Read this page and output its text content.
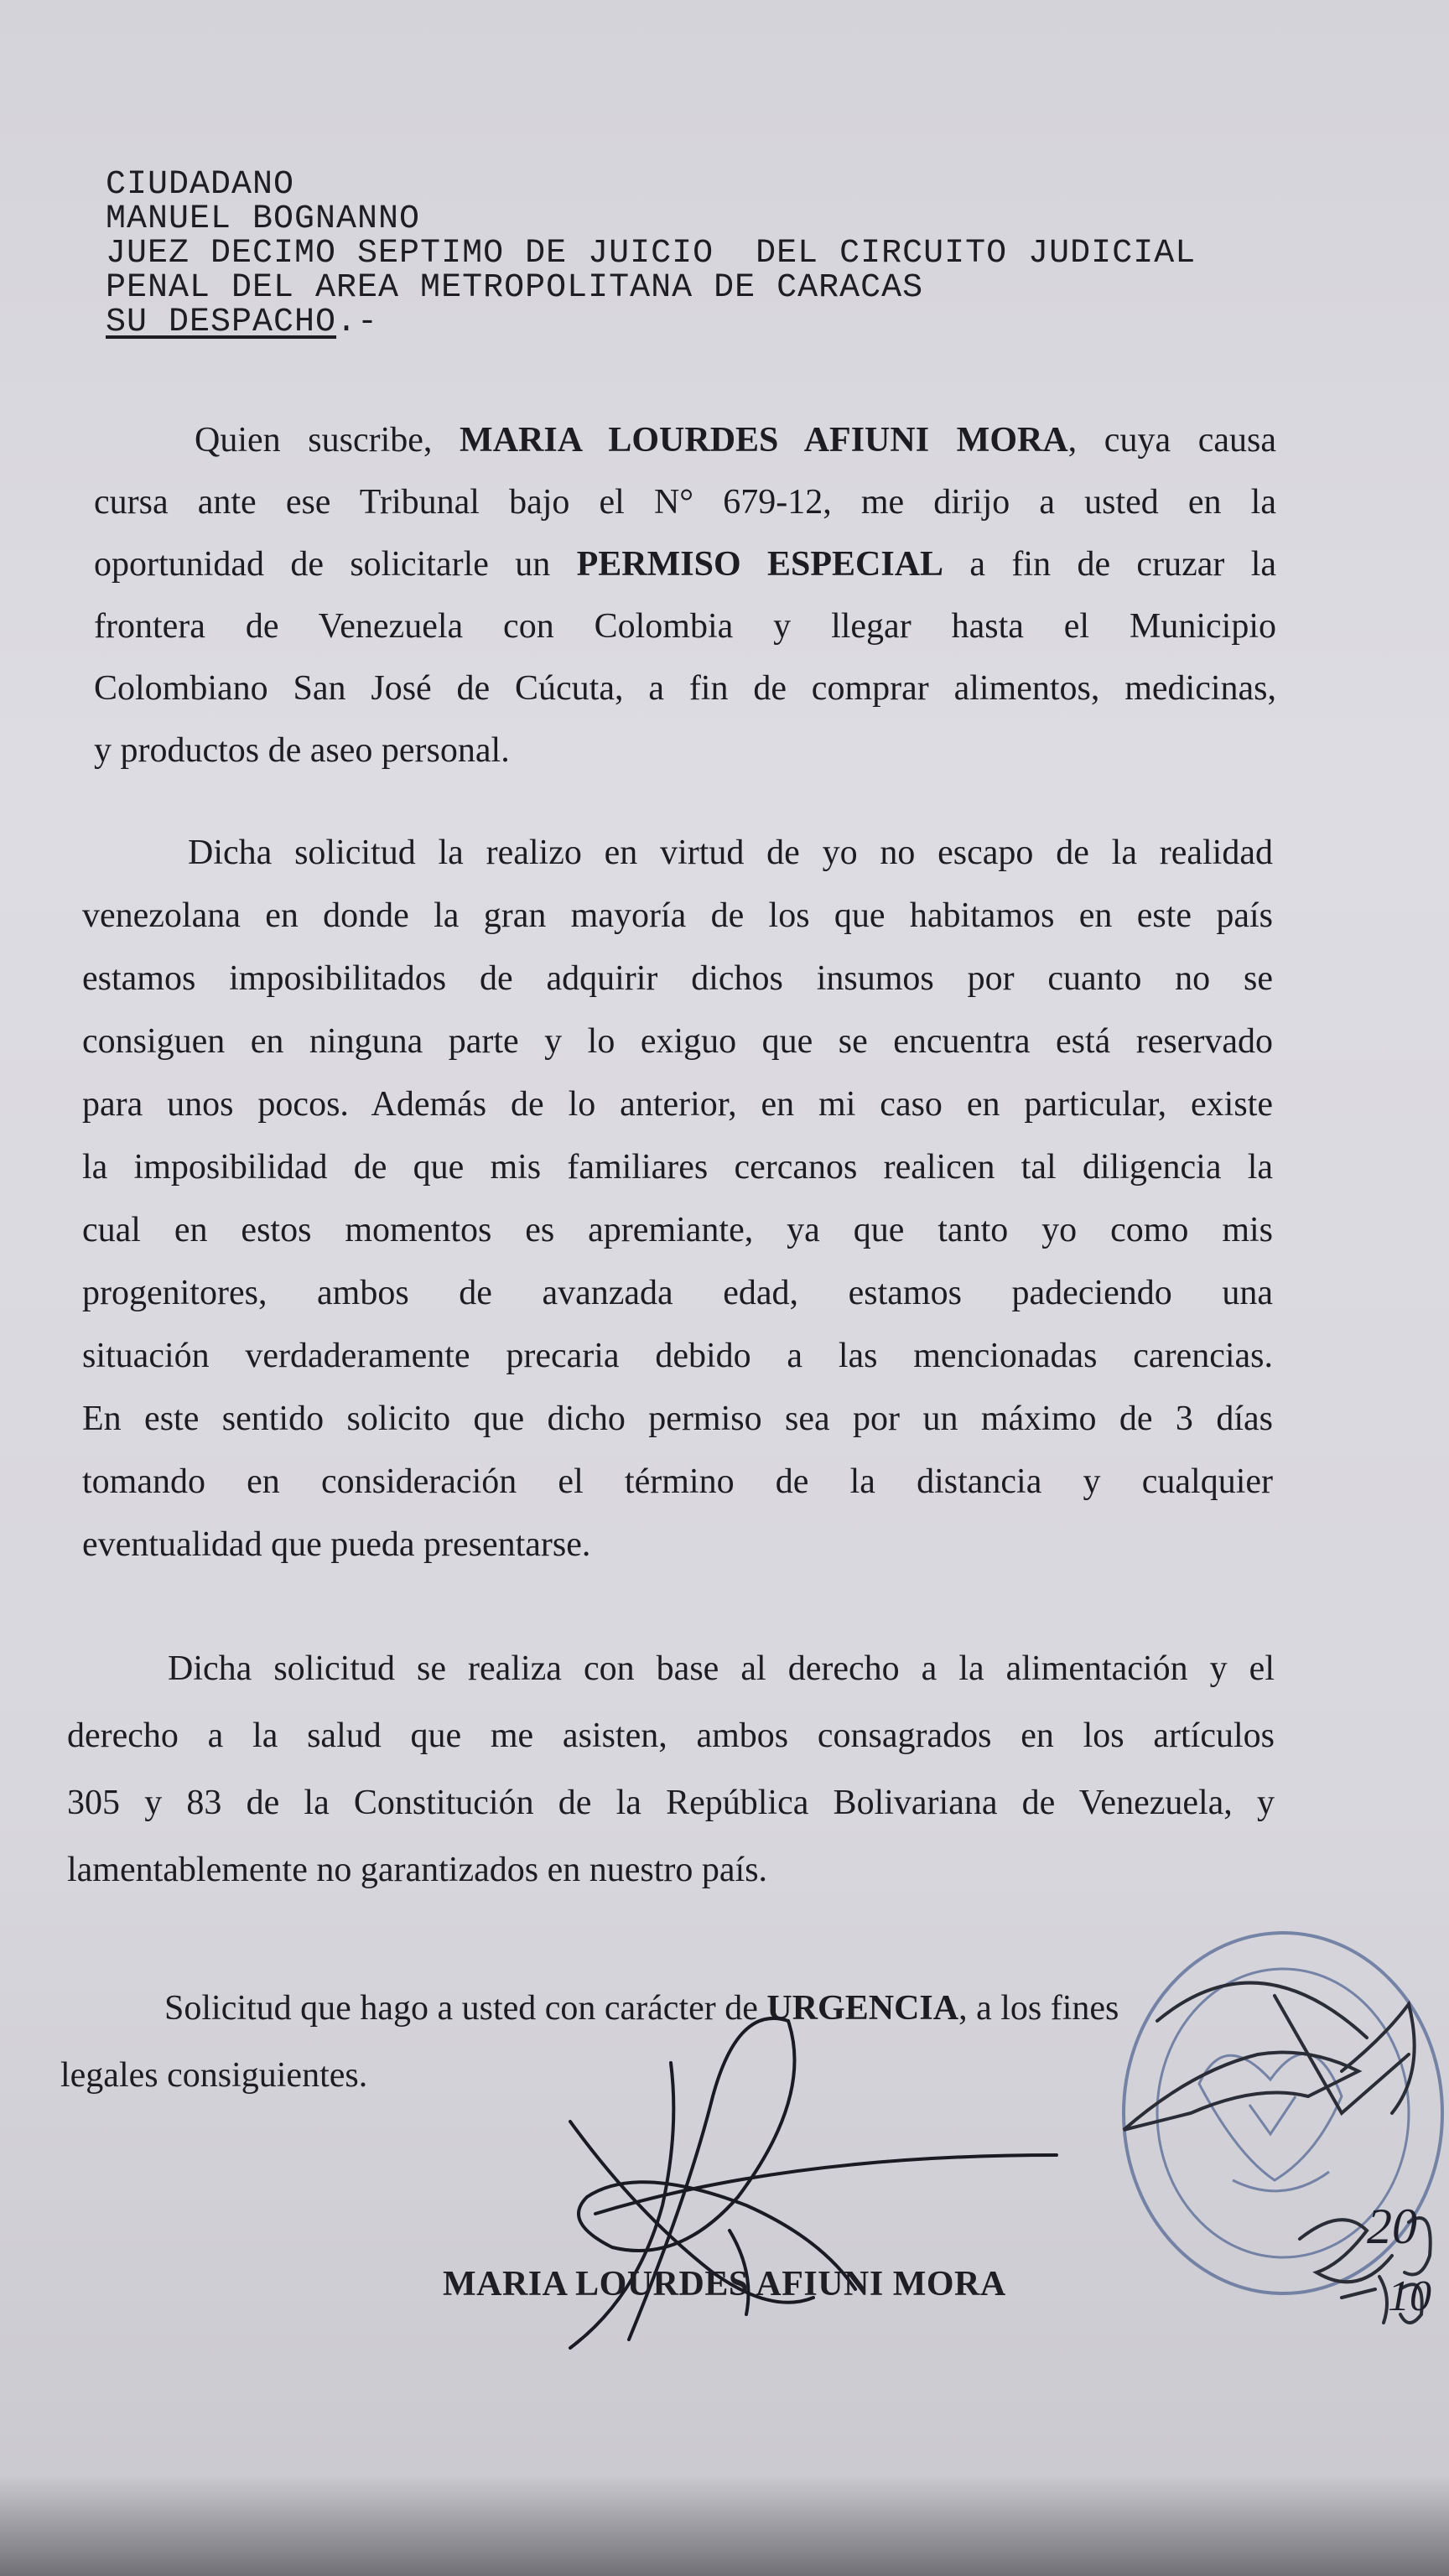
CIUDADANO
MANUEL BOGNANNO
JUEZ DECIMO SEPTIMO DE JUICIO  DEL CIRCUITO JUDICIAL
PENAL DEL AREA METROPOLITANA DE CARACAS
SU DESPACHO.-
Quien suscribe, MARIA LOURDES AFIUNI MORA, cuya causa
cursa ante ese Tribunal bajo el N° 679-12, me dirijo a usted en la
oportunidad de solicitarle un PERMISO ESPECIAL a fin de cruzar la
frontera de Venezuela con Colombia y llegar hasta el Municipio
Colombiano San José de Cúcuta, a fin de comprar alimentos, medicinas,
y productos de aseo personal.
Dicha solicitud la realizo en virtud de yo no escapo de la realidad
venezolana en donde la gran mayoría de los que habitamos en este país
estamos imposibilitados de adquirir dichos insumos por cuanto no se
consiguen en ninguna parte y lo exiguo que se encuentra está reservado
para unos pocos. Además de lo anterior, en mi caso en particular, existe
la imposibilidad de que mis familiares cercanos realicen tal diligencia la
cual en estos momentos es apremiante, ya que tanto yo como mis
progenitores, ambos de avanzada edad, estamos padeciendo una
situación verdaderamente precaria debido a las mencionadas carencias.
En este sentido solicito que dicho permiso sea por un máximo de 3 días
tomando en consideración el término de la distancia y cualquier
eventualidad que pueda presentarse.
Dicha solicitud se realiza con base al derecho a la alimentación y el
derecho a la salud que me asisten, ambos consagrados en los artículos
305 y 83 de la Constitución de la República Bolivariana de Venezuela, y
lamentablemente no garantizados en nuestro país.
Solicitud que hago a usted con carácter de URGENCIA, a los fines
legales consiguientes.
20
10
MARIA LOURDES AFIUNI MORA
